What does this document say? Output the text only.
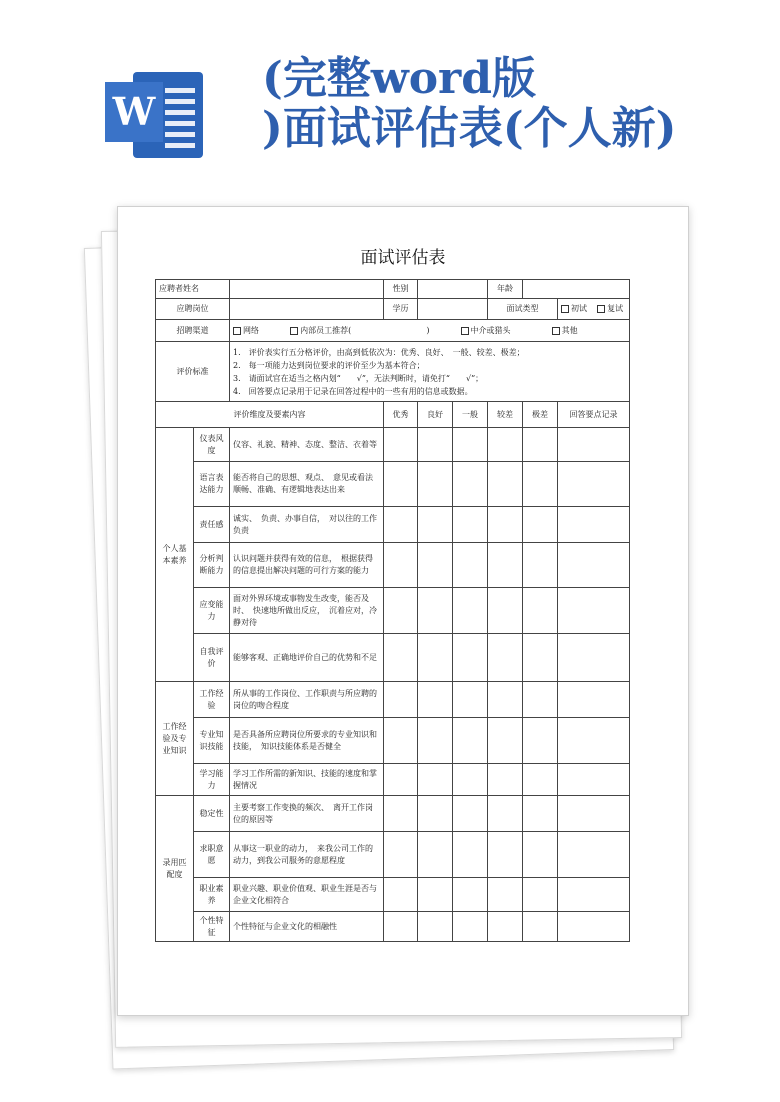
W
(完整word版
)面试评估表(个人新)
面试评估表
应聘者姓名			性别			年龄		
应聘岗位			学历			面试类型		初试 复试
招聘渠道		网络 内部员工推荐( ) 中介或猎头 其他						
评价标准		1.　评价表实行五分格评价，由高到低依次为：优秀、良好、　一般、较差、极差；
2.　每一项能力达到岗位要求的评价至少为基本符合；
3.　请面试官在适当之格内划“　　√”，无法判断时，请免打“　　√”；
4.　回答要点记录用于记录在回答过程中的一些有用的信息或数据。						

评价维度及要素内容			优秀	良好	一般	较差	极差	回答要点记录
个人基本素养	仪表风度	仪容、礼貌、精神、态度、整洁、衣着等						
	语言表达能力	能否将自己的思想、观点、　意见或看法顺畅、准确、有逻辑地表达出来						
	责任感	诚实、　负责、办事自信，　对以往的工作负责						
	分析判断能力	认识问题并获得有效的信息，　根据获得的信息提出解决问题的可行方案的能力						
	应变能力	面对外界环境或事物发生改变，能否及时、　快速地所做出反应，　沉着应对，冷静对待						
	自我评价	能够客观、正确地评价自己的优势和不足						
工作经验及专业知识	工作经验	所从事的工作岗位、工作职责与所应聘的岗位的吻合程度						
	专业知识技能	是否具备所应聘岗位所要求的专业知识和技能，　知识技能体系是否健全						
	学习能力	学习工作所需的新知识、技能的速度和掌握情况						
录用匹配度	稳定性	主要考察工作变换的频次、　离开工作岗位的原因等						
	求职意愿	从事这一职业的动力，　来我公司工作的动力，到我公司服务的意愿程度						
	职业素养	职业兴趣、职业价值观、职业生涯是否与企业文化相符合						
	个性特征	个性特征与企业文化的相融性						
